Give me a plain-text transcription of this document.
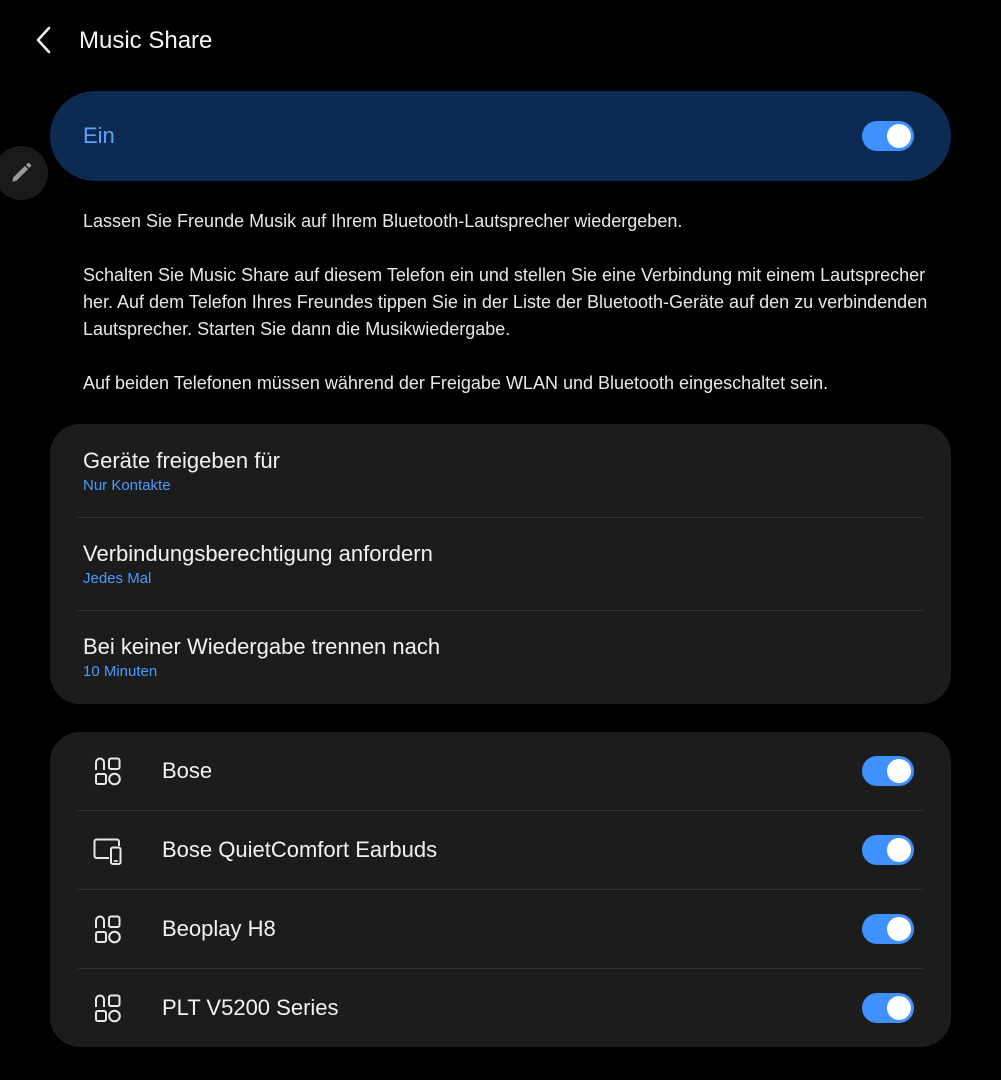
Music Share
Ein

Lassen Sie Freunde Musik auf Ihrem Bluetooth-Lautsprecher wiedergeben.

Schalten Sie Music Share auf diesem Telefon ein und stellen Sie eine Verbindung mit einem Lautsprecher her. Auf dem Telefon Ihres Freundes tippen Sie in der Liste der Bluetooth-Geräte auf den zu verbindenden Lautsprecher. Starten Sie dann die Musikwiedergabe.

Auf beiden Telefonen müssen während der Freigabe WLAN und Bluetooth eingeschaltet sein.

Geräte freigeben für
Nur Kontakte
Verbindungsberechtigung anfordern
Jedes Mal
Bei keiner Wiedergabe trennen nach
10 Minuten
Bose
Bose QuietComfort Earbuds
Beoplay H8
PLT V5200 Series
